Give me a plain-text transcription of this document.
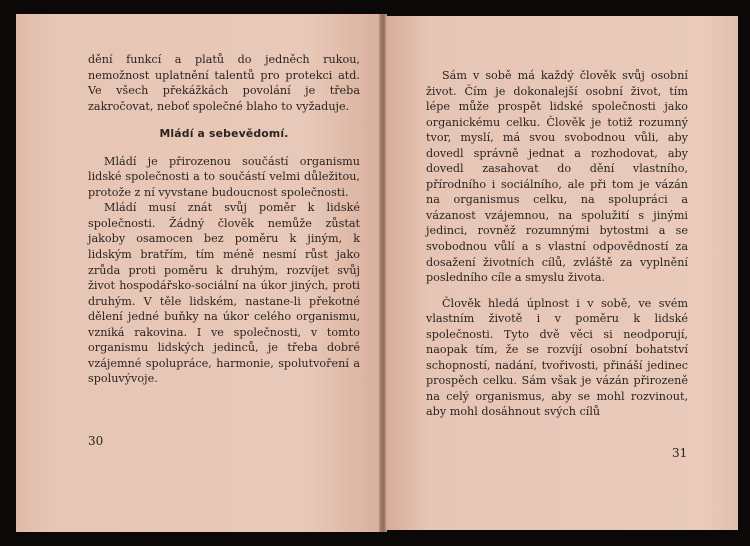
dění funkcí a platů do jedněch rukou, nemožnost uplatnění talentů pro protekci atd. Ve všech překážkách povolání je třeba zakročovat, neboť společné blaho to vyžaduje.

Mládí a sebevědomí.

Mládí je přirozenou součástí organismu lidské společnosti a to součástí velmi důležitou, protože z ní vyvstane budoucnost společnosti.

Mládí musí znát svůj poměr k lidské společnosti. Žádný člověk nemůže zůstat jakoby osamocen bez poměru k jiným, k lidským bratřím, tím méně nesmí růst jako zrůda proti poměru k druhým, rozvíjet svůj život hospodářsko-sociální na úkor jiných, proti druhým. V těle lidském, nastane-li překotné dělení jedné buňky na úkor celého organismu, vzniká rakovina. I ve společnosti, v tomto organismu lidských jedinců, je třeba dobré vzájemné spolupráce, harmonie, spolutvoření a spoluvývoje.

30

Sám v sobě má každý člověk svůj osobní život. Čím je dokonalejší osobní život, tím lépe může prospět lidské společnosti jako organickému celku. Člověk je totiž rozumný tvor, myslí, má svou svobodnou vůli, aby dovedl správně jednat a rozhodovat, aby dovedl zasahovat do dění vlastního, přírodního i sociálního, ale při tom je vázán na organismus celku, na spolupráci a vázanost vzájemnou, na spolužití s jinými jedinci, rovněž rozumnými bytostmi a se svobodnou vůlí a s vlastní odpovědností za dosažení životních cílů, zvláště za vyplnění posledního cíle a smyslu života.

Člověk hledá úplnost i v sobě, ve svém vlastním životě i v poměru k lidské společnosti. Tyto dvě věci si neodporují, naopak tím, že se rozvíjí osobní bohatství schopností, nadání, tvořivosti, přináší jedinec prospěch celku. Sám však je vázán přirozeně na celý organismus, aby se mohl rozvinout, aby mohl dosáhnout svých cílů

31
